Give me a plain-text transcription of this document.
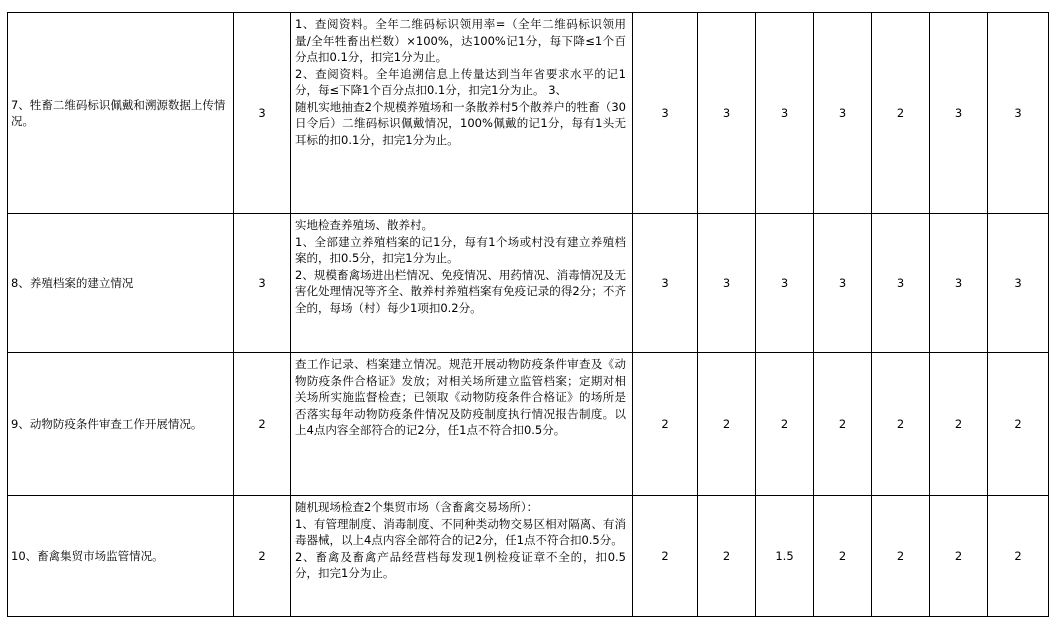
7、牲畜二维码标识佩戴和溯源数据上传情况。	3	1、查阅资料。全年二维码标识领用率=（全年二维码标识领用量/全年牲畜出栏数）×100%，达100%记1分，每下降≤1个百分点扣0.1分，扣完1分为止。
2、查阅资料。全年追溯信息上传量达到当年省要求水平的记1分，每≤下降1个百分点扣0.1分，扣完1分为止。 3、
随机实地抽查2个规模养殖场和一条散养村5个散养户的牲畜（30日令后）二维码标识佩戴情况，100%佩戴的记1分，每有1头无耳标的扣0.1分，扣完1分为止。	3	3	3	3	2	3	3
8、养殖档案的建立情况	3	实地检查养殖场、散养村。
1、全部建立养殖档案的记1分，每有1个场或村没有建立养殖档案的，扣0.5分，扣完1分为止。
2、规模畜禽场进出栏情况、免疫情况、用药情况、消毒情况及无害化处理情况等齐全、散养村养殖档案有免疫记录的得2分；不齐全的，每场（村）每少1项扣0.2分。	3	3	3	3	3	3	3
9、动物防疫条件审查工作开展情况。	2	查工作记录、档案建立情况。规范开展动物防疫条件审查及《动物防疫条件合格证》发放；对相关场所建立监管档案；定期对相关场所实施监督检查；已领取《动物防疫条件合格证》的场所是否落实每年动物防疫条件情况及防疫制度执行情况报告制度。以上4点内容全部符合的记2分，任1点不符合扣0.5分。	2	2	2	2	2	2	2
10、畜禽集贸市场监管情况。	2	随机现场检查2个集贸市场（含畜禽交易场所）：
1、有管理制度、消毒制度、不同种类动物交易区相对隔离、有消毒器械，以上4点内容全部符合的记2分，任1点不符合扣0.5分。
2、畜禽及畜禽产品经营档每发现1例检疫证章不全的，扣0.5分，扣完1分为止。	2	2	1.5	2	2	2	2
